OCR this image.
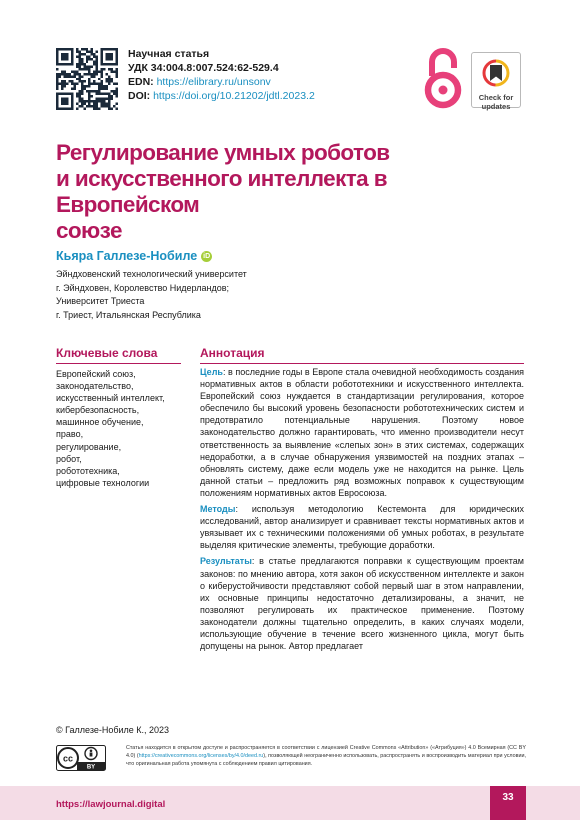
Научная статья
УДК 34:004.8:007.524:62-529.4
EDN: https://elibrary.ru/unsonv
DOI: https://doi.org/10.21202/jdtl.2023.2	Check for
updates
Регулирование умных роботов
и искусственного интеллекта в Европейском
союзе
Кьяра Галлезе-Нобиле iD
Эйндховенский технологический университет
г. Эйндховен, Королевство Нидерландов;
Университет Триеста
г. Триест, Итальянская Республика
Ключевые слова
Европейский союз,
законодательство,
искусственный интеллект,
кибербезопасность,
машинное обучение,
право,
регулирование,
робот,
робототехника,
цифровые технологии
Аннотация

Цель: в последние годы в Европе стала очевидной необходимость создания нормативных актов в области робототехники и искусственного интеллекта. Европейский союз нуждается в стандартизации регулирования, которое обеспечило бы высокий уровень безопасности робототехнических систем и предотвратило потенциальные нарушения. Поэтому новое законодательство должно гарантировать, что именно производители несут ответственность за выявление «слепых зон» в этих системах, содержащих недоработки, а в случае обнаружения уязвимостей на поздних этапах – обновлять систему, даже если модель уже не находится на рынке. Цель данной статьи – предложить ряд возможных поправок к существующим положениям нормативных актов Евросоюза.

Методы: используя методологию Кестемонта для юридических исследований, автор анализирует и сравнивает тексты нормативных актов и увязывает их с техническими положениями об умных роботах, в результате выделяя критические элементы, требующие доработки.

Результаты: в статье предлагаются поправки к существующим проектам законов: по мнению автора, хотя закон об искусственном интеллекте и закон о киберустойчивости представляют собой первый шаг в этом направлении, их основные принципы недостаточно детализированы, а значит, не позволяют регулировать их практическое применение. Поэтому законодатели должны тщательно определить, в каких случаях модели, использующие обучение в течение всего жизненного цикла, могут быть допущены на рынок. Автор предлагает

© Галлезе-Нобиле К., 2023
cc
BY
Статья находится в открытом доступе и распространяется в соответствии с лицензией Creative Commons «Attribution» («Атрибуция») 4.0 Всемирная (CC BY 4.0) (https://creativecommons.org/licenses/by/4.0/deed.ru), позволяющей неограниченно использовать, распространять и воспроизводить материал при условии, что оригинальная работа упомянута с соблюдением правил цитирования.
https://lawjournal.digital
33
